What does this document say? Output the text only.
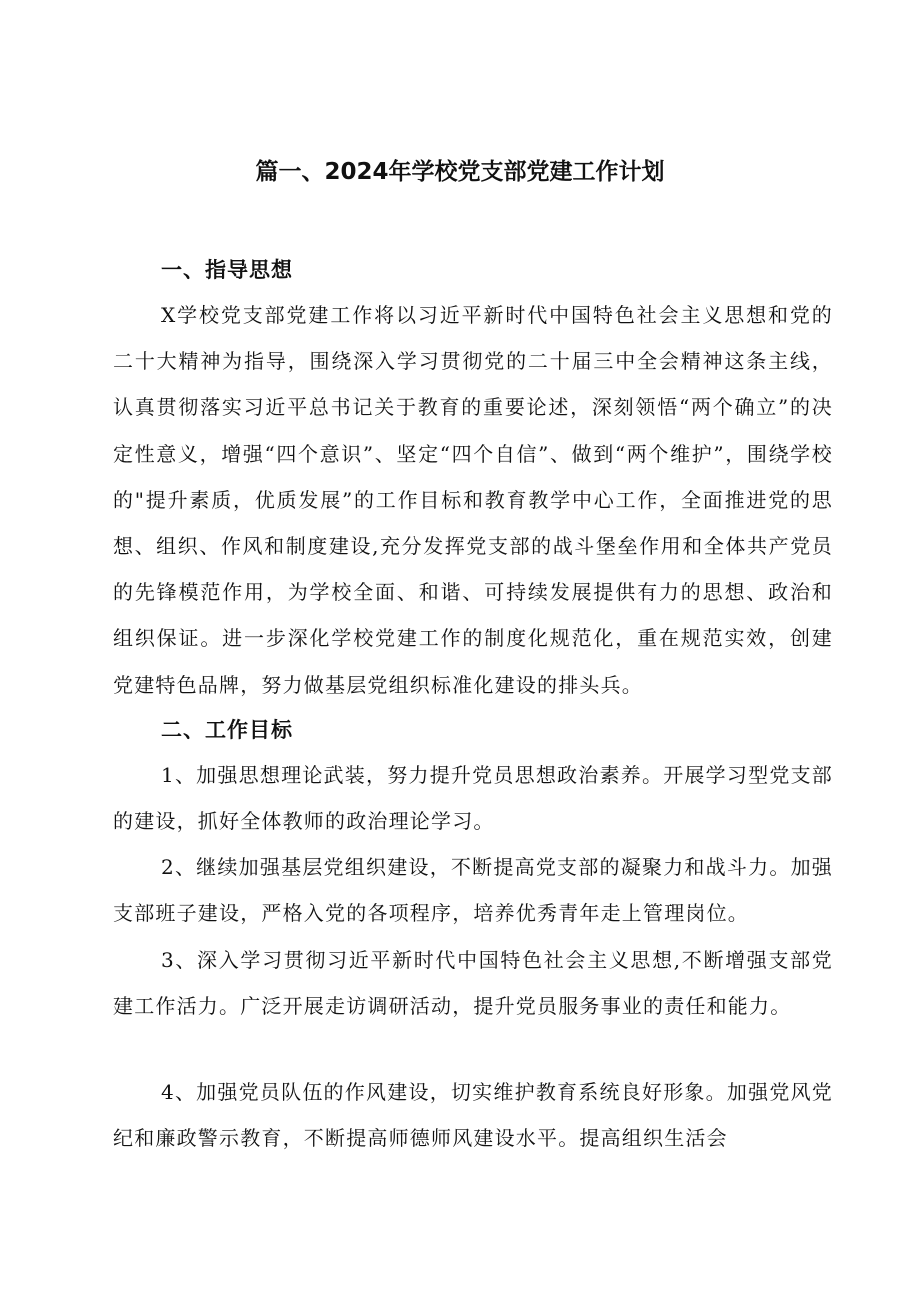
篇一、2024年学校党支部党建工作计划
一、指导思想

X学校党支部党建工作将以习近平新时代中国特色社会主义思想和党的二十大精神为指导，围绕深入学习贯彻党的二十届三中全会精神这条主线，认真贯彻落实习近平总书记关于教育的重要论述，深刻领悟“两个确立”的决定性意义，增强“四个意识”、坚定“四个自信”、做到“两个维护”，围绕学校的"提升素质，优质发展”的工作目标和教育教学中心工作，全面推进党的思想、组织、作风和制度建设,充分发挥党支部的战斗堡垒作用和全体共产党员的先锋模范作用，为学校全面、和谐、可持续发展提供有力的思想、政治和组织保证。进一步深化学校党建工作的制度化规范化，重在规范实效，创建党建特色品牌，努力做基层党组织标准化建设的排头兵。

二、工作目标

1、加强思想理论武装，努力提升党员思想政治素养。开展学习型党支部的建设，抓好全体教师的政治理论学习。

2、继续加强基层党组织建设，不断提高党支部的凝聚力和战斗力。加强支部班子建设，严格入党的各项程序，培养优秀青年走上管理岗位。

3、深入学习贯彻习近平新时代中国特色社会主义思想,不断增强支部党建工作活力。广泛开展走访调研活动，提升党员服务事业的责任和能力。

4、加强党员队伍的作风建设，切实维护教育系统良好形象。加强党风党纪和廉政警示教育，不断提高师德师风建设水平。提高组织生活会
